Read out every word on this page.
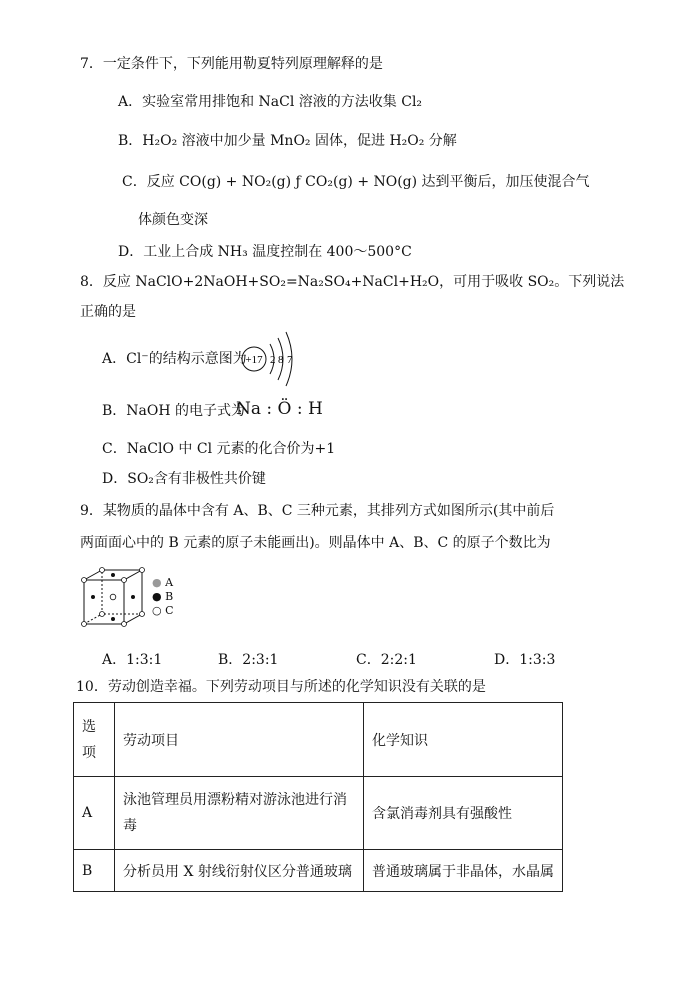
7．一定条件下，下列能用勒夏特列原理解释的是
A．实验室常用排饱和 NaCl 溶液的方法收集 Cl₂
B．H₂O₂ 溶液中加少量 MnO₂ 固体，促进 H₂O₂ 分解
C．反应 CO(g) + NO₂(g) ƒ CO₂(g) + NO(g) 达到平衡后，加压使混合气
体颜色变深
D．工业上合成 NH₃ 温度控制在 400～500°C
8．反应 NaClO+2NaOH+SO₂=Na₂SO₄+NaCl+H₂O，可用于吸收 SO₂。下列说法
正确的是
A．Cl⁻的结构示意图为
+17 2 8 7
B．NaOH 的电子式为
Na : Ö : H
C．NaClO 中 Cl 元素的化合价为+1
D．SO₂含有非极性共价键
9．某物质的晶体中含有 A、B、C 三种元素，其排列方式如图所示(其中前后
两面面心中的 B 元素的原子未能画出)。则晶体中 A、B、C 的原子个数比为
● A
● B
○ C
A．1:3:1	B．2:3:1	C．2:2:1	D．1:3:3
10．劳动创造幸福。下列劳动项目与所述的化学知识没有关联的是
选项	劳动项目	化学知识
A	泳池管理员用漂粉精对游泳池进行消毒	含氯消毒剂具有强酸性
B	分析员用 X 射线衍射仪区分普通玻璃	普通玻璃属于非晶体，水晶属
